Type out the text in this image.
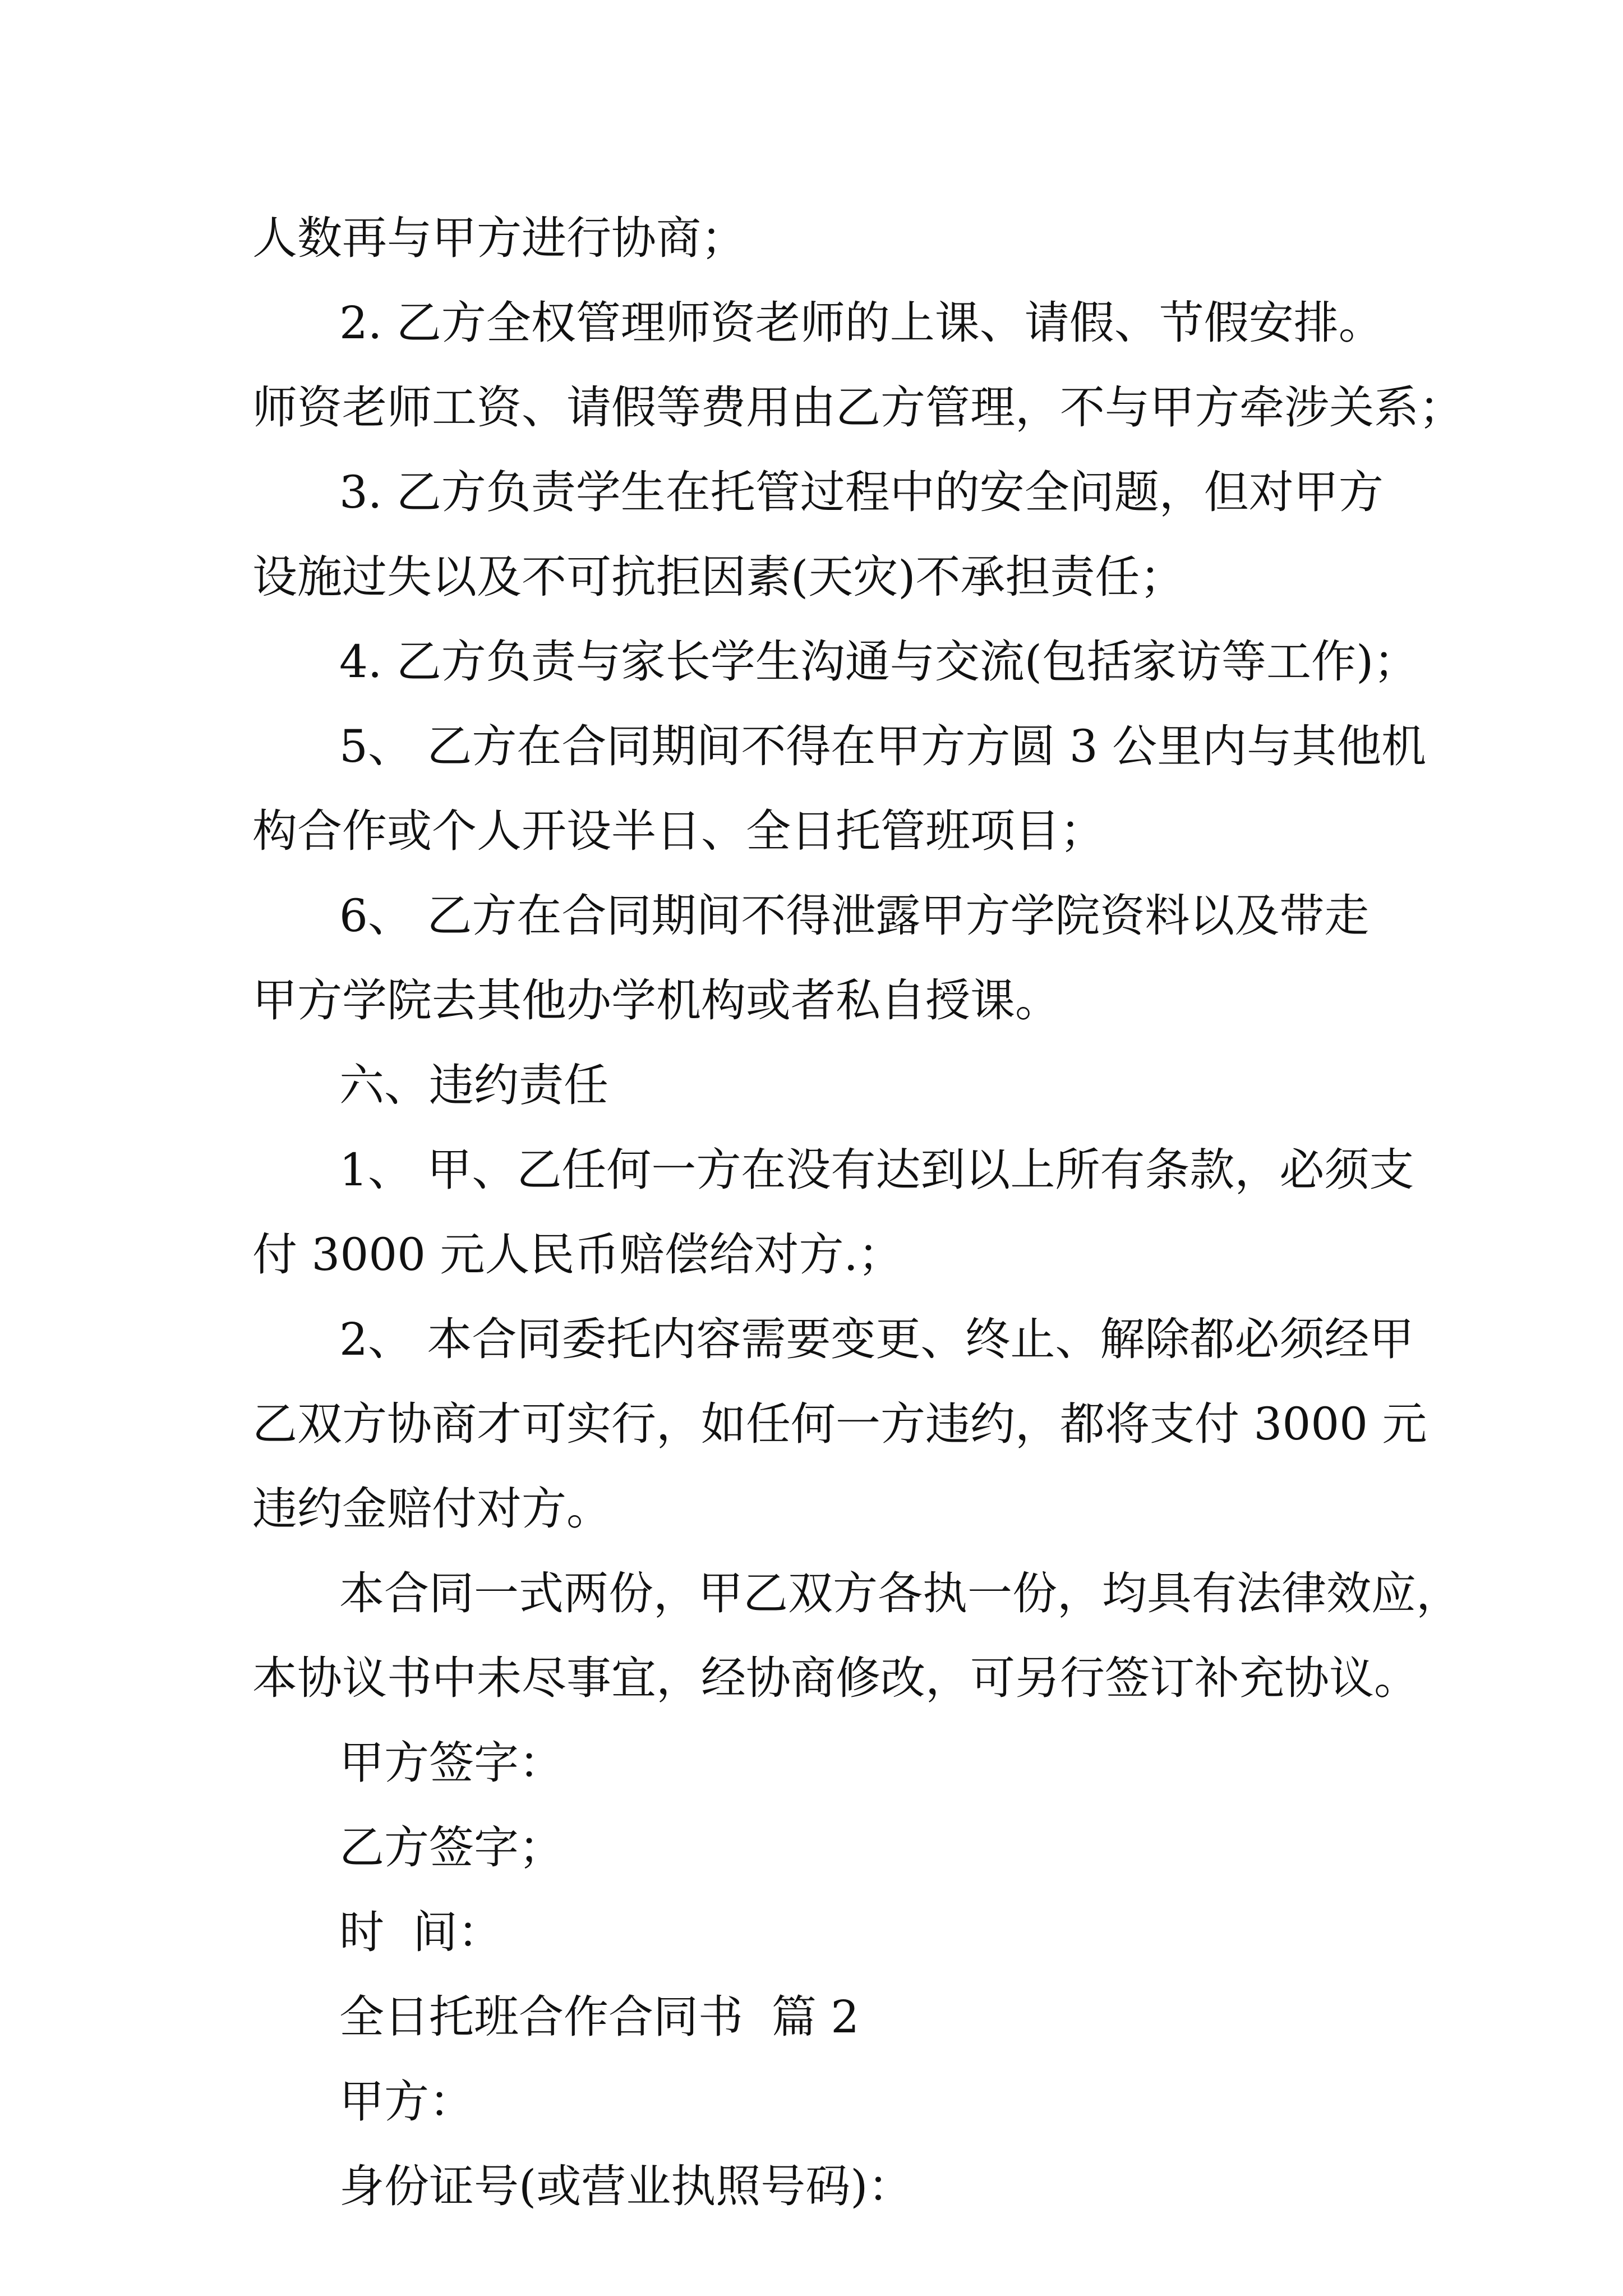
人数再与甲方进行协商；
2. 乙方全权管理师资老师的上课、请假、节假安排。
师资老师工资、请假等费用由乙方管理，不与甲方牵涉关系；
3. 乙方负责学生在托管过程中的安全问题，但对甲方
设施过失以及不可抗拒因素(天灾)不承担责任；
4. 乙方负责与家长学生沟通与交流(包括家访等工作)；
5、 乙方在合同期间不得在甲方方圆 3 公里内与其他机
构合作或个人开设半日、全日托管班项目；
6、 乙方在合同期间不得泄露甲方学院资料以及带走
甲方学院去其他办学机构或者私自授课。
六、违约责任
1、 甲、乙任何一方在没有达到以上所有条款，必须支
付 3000 元人民币赔偿给对方.；
2、 本合同委托内容需要变更、终止、解除都必须经甲
乙双方协商才可实行，如任何一方违约，都将支付 3000 元
违约金赔付对方。
本合同一式两份，甲乙双方各执一份，均具有法律效应，
本协议书中未尽事宜，经协商修改，可另行签订补充协议。
甲方签字：
乙方签字；
时  间：
全日托班合作合同书  篇 2
甲方：
身份证号(或营业执照号码)：
